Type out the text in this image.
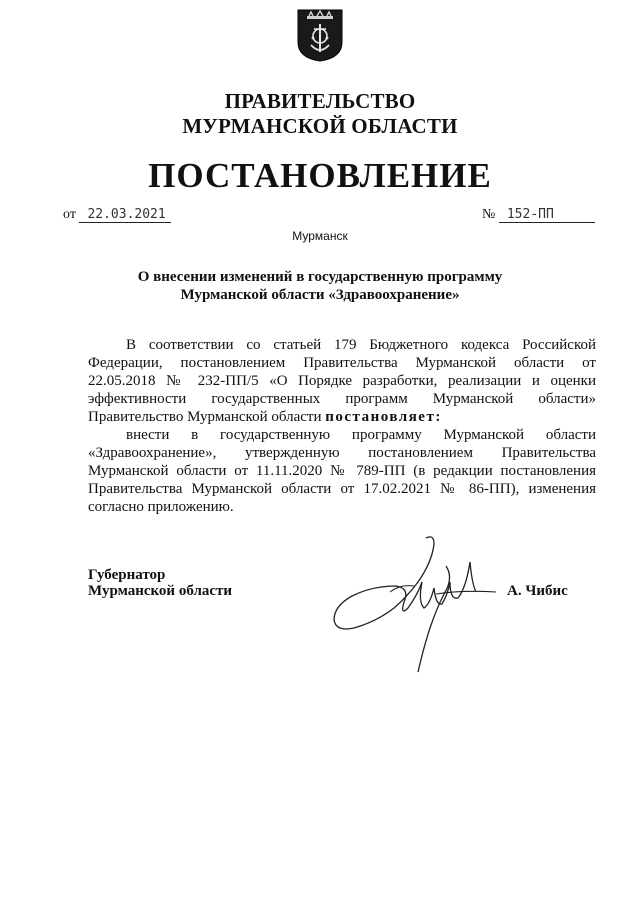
ПРАВИТЕЛЬСТВО
МУРМАНСКОЙ ОБЛАСТИ
ПОСТАНОВЛЕНИЕ
от 22.03.2021	№ 152-ПП
Мурманск
О внесении изменений в государственную программу
Мурманской области «Здравоохранение»

В соответствии со статьей 179 Бюджетного кодекса Российской

Федерации, постановлением Правительства Мурманской области от

22.05.2018 № 232-ПП/5 «О Порядке разработки, реализации и оценки

эффективности государственных программ Мурманской области»

Правительство Мурманской области постановляет:

внести в государственную программу Мурманской области

«Здравоохранение», утвержденную постановлением Правительства

Мурманской области от 11.11.2020 № 789-ПП (в редакции постановления

Правительства Мурманской области от 17.02.2021 № 86-ПП), изменения

согласно приложению.

Губернатор
Мурманской области	А. Чибис
